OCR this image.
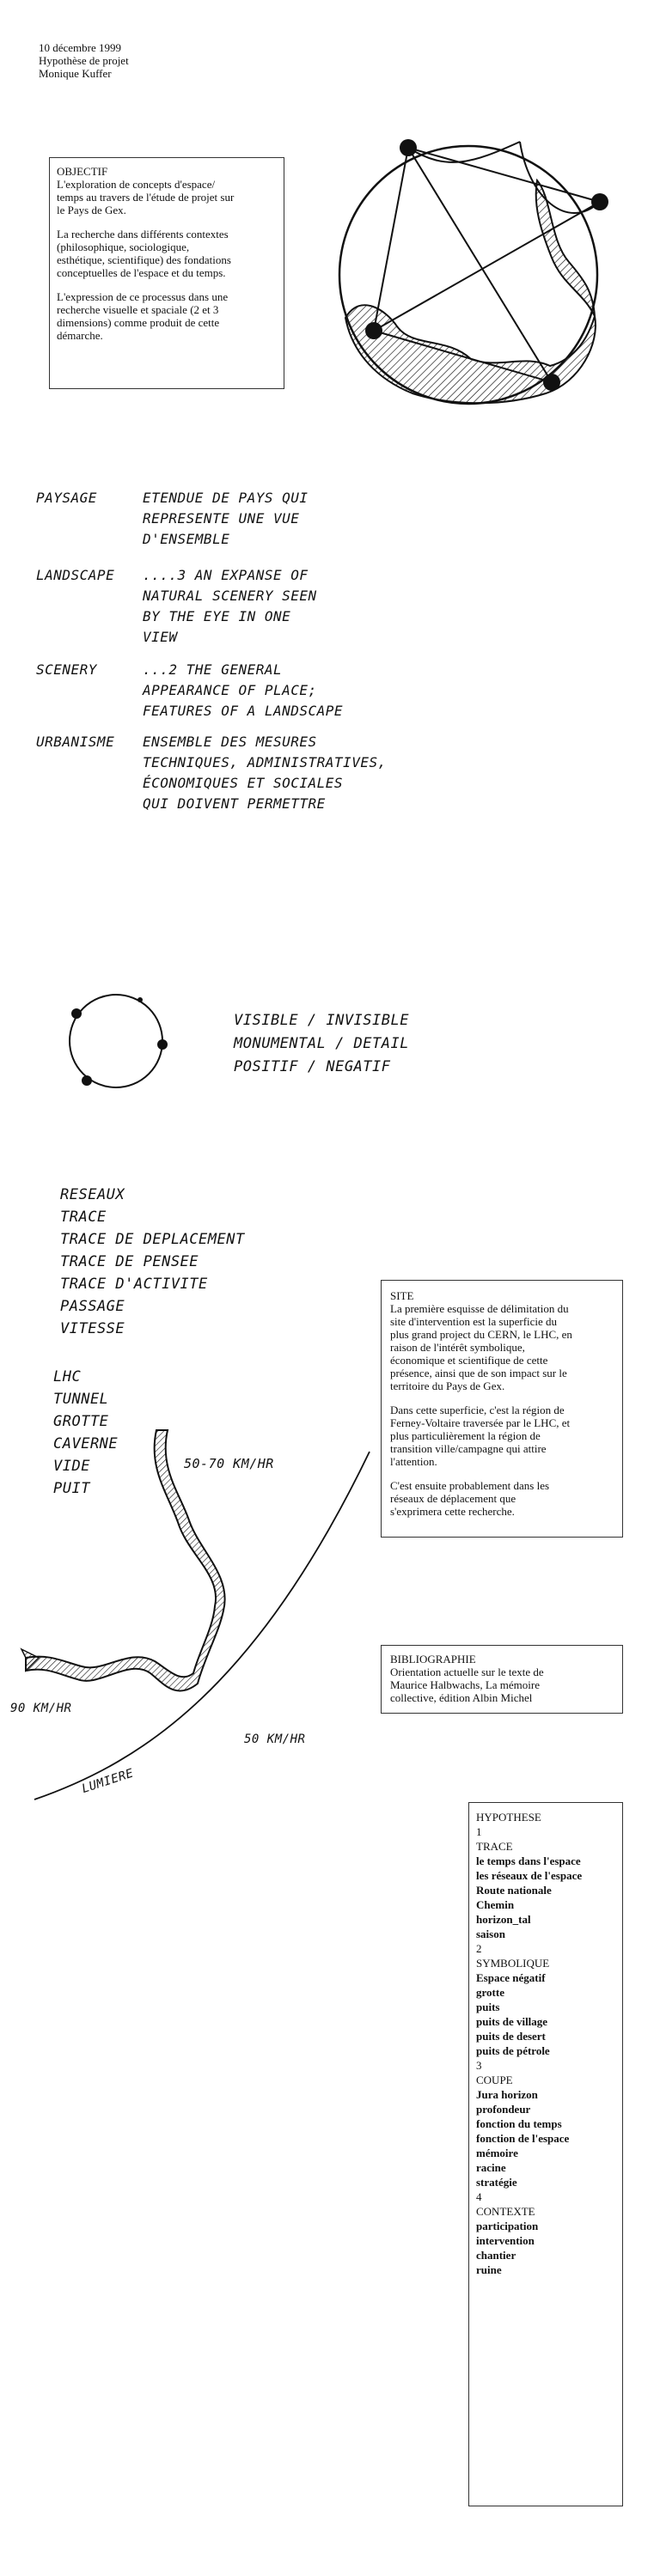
10 décembre 1999
Hypothèse de projet
Monique Kuffer

OBJECTIF
L'exploration de concepts d'espace/
temps au travers de l'étude de projet sur
le Pays de Gex.

La recherche dans différents contextes
(philosophique, sociologique,
esthétique, scientifique) des fondations
conceptuelles de l'espace et du temps.

L'expression de ce processus dans une
recherche visuelle et spaciale (2 et 3
dimensions) comme produit de cette
démarche.

PAYSAGE	ETENDUE DE PAYS QUI
REPRESENTE UNE VUE
D'ENSEMBLE
LANDSCAPE ....3 AN EXPANSE OF
NATURAL SCENERY SEEN
BY THE EYE IN ONE
VIEW
SCENERY	...2 THE GENERAL
APPEARANCE OF PLACE;
FEATURES OF A LANDSCAPE
URBANISME ENSEMBLE DES MESURES
TECHNIQUES, ADMINISTRATIVES,
ÉCONOMIQUES ET SOCIALES
QUI DOIVENT PERMETTRE
VISIBLE / INVISIBLE
MONUMENTAL / DETAIL
POSITIF / NEGATIF
RESEAUX
TRACE
TRACE DE DEPLACEMENT
TRACE DE PENSEE
TRACE D'ACTIVITE
PASSAGE
VITESSE
LHC
TUNNEL
GROTTE
CAVERNE
VIDE
PUIT
50-70 KM/HR
90 KM/HR
50 KM/HR
LUMIERE

SITE
La première esquisse de délimitation du
site d'intervention est la superficie du
plus grand project du CERN, le LHC, en
raison de l'intérêt symbolique,
économique et scientifique de cette
présence, ainsi que de son impact sur le
territoire du Pays de Gex.

Dans cette superficie, c'est la région de
Ferney-Voltaire traversée par le LHC, et
plus particulièrement la région de
transition ville/campagne qui attire
l'attention.

C'est ensuite probablement dans les
réseaux de déplacement que
s'exprimera cette recherche.

BIBLIOGRAPHIE
Orientation actuelle sur le texte de
Maurice Halbwachs, La mémoire
collective, édition Albin Michel
HYPOTHESE
1
TRACE
le temps dans l'espace
les réseaux de l'espace
Route nationale
Chemin
horizon_tal
saison
2
SYMBOLIQUE
Espace négatif
grotte
puits
puits de village
puits de desert
puits de pétrole
3
COUPE
Jura horizon
profondeur
fonction du temps
fonction de l'espace
mémoire
racine
stratégie
4
CONTEXTE
participation
intervention
chantier
ruine
